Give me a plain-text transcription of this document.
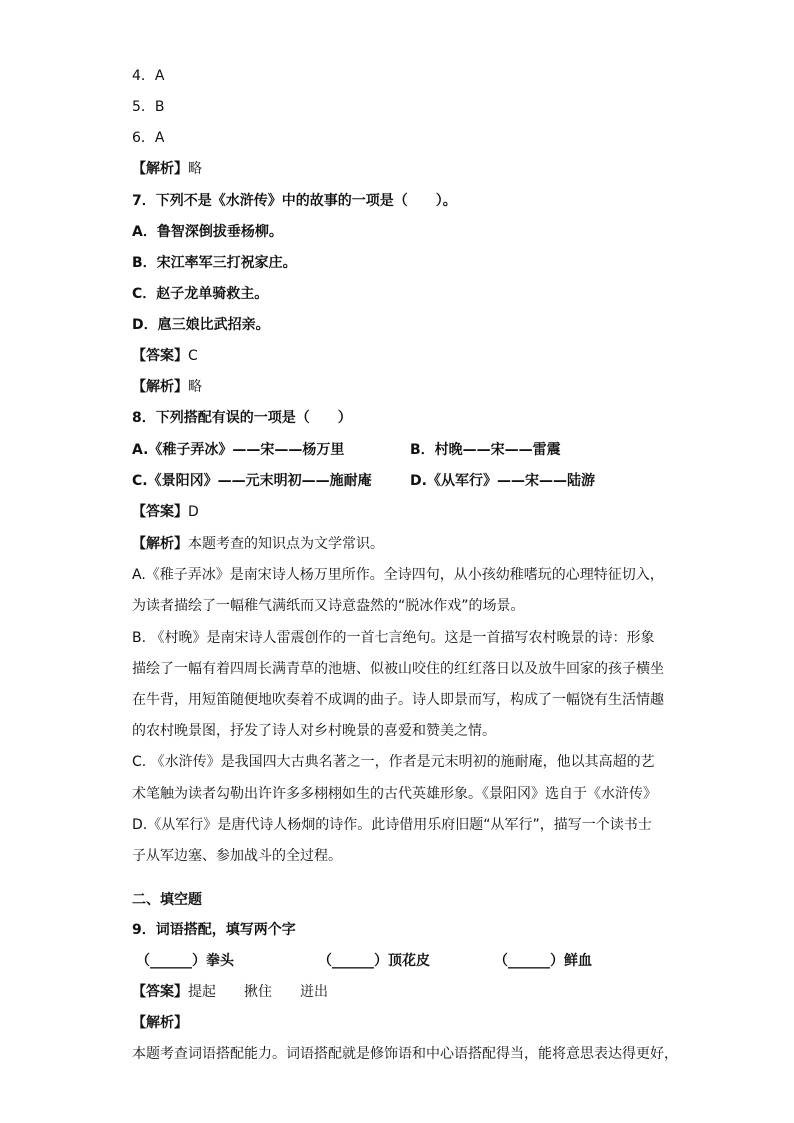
4．A
5．B
6．A
【解析】略
7．下列不是《水浒传》中的故事的一项是（　　）。
A．鲁智深倒拔垂杨柳。
B．宋江率军三打祝家庄。
C．赵子龙单骑救主。
D．扈三娘比武招亲。
【答案】C
【解析】略
8．下列搭配有误的一项是（　　）
A.《稚子弄冰》——宋——杨万里	B．村晚——宋——雷震
C.《景阳冈》——元末明初——施耐庵	D.《从军行》——宋——陆游
【答案】D
【解析】本题考查的知识点为文学常识。
A.《稚子弄冰》是南宋诗人杨万里所作。全诗四句，从小孩幼稚嗜玩的心理特征切入，
为读者描绘了一幅稚气满纸而又诗意盎然的“脱冰作戏”的场景。
B. 《村晚》是南宋诗人雷震创作的一首七言绝句。这是一首描写农村晚景的诗：形象
描绘了一幅有着四周长满青草的池塘、似被山咬住的红红落日以及放牛回家的孩子横坐
在牛背，用短笛随便地吹奏着不成调的曲子。诗人即景而写，构成了一幅饶有生活情趣
的农村晚景图，抒发了诗人对乡村晚景的喜爱和赞美之情。
C. 《水浒传》是我国四大古典名著之一，作者是元末明初的施耐庵，他以其高超的艺
术笔触为读者勾勒出许许多多栩栩如生的古代英雄形象。《景阳冈》选自于《水浒传》
D.《从军行》是唐代诗人杨炯的诗作。此诗借用乐府旧题“从军行”，描写一个读书士
子从军边塞、参加战斗的全过程。
二、填空题
9．词语搭配，填写两个字
（______）拳头	（______）顶花皮	（______）鲜血
【答案】提起 揪住 迸出
【解析】
本题考查词语搭配能力。词语搭配就是修饰语和中心语搭配得当，能将意思表达得更好，
